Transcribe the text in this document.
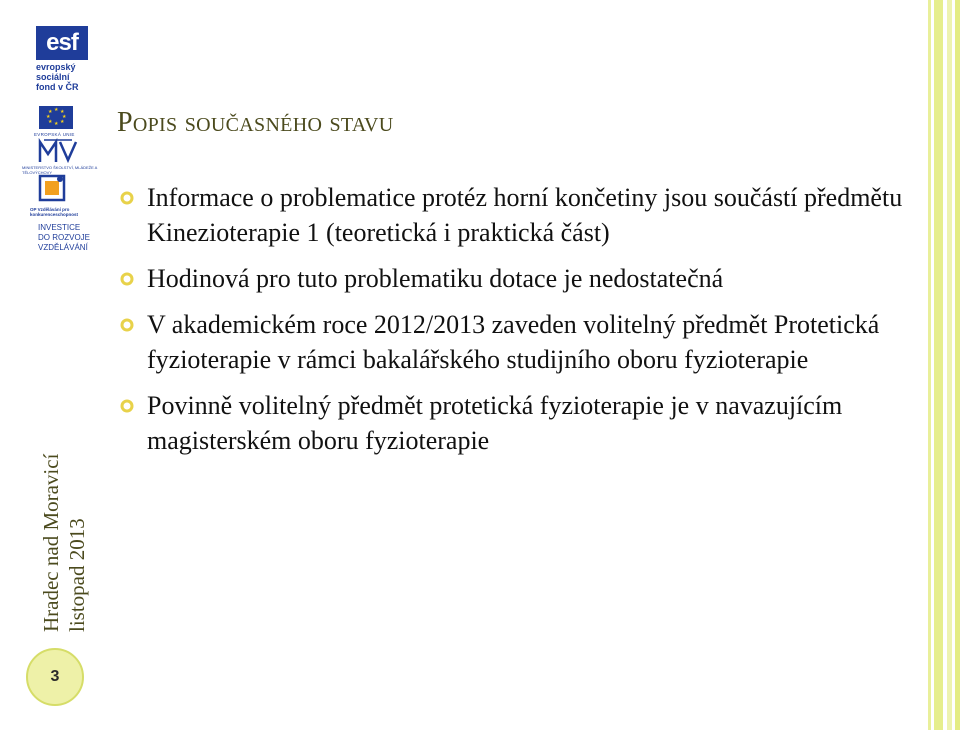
esf
evropský
sociální
fond v ČR
★ ★
★
★
★
★
★
★
EVROPSKÁ UNIE
MINISTERSTVO ŠKOLSTVÍ, MLÁDEŽE A TĚLOVÝCHOVY
OP Vzdělávání pro konkurenceschopnost
INVESTICE
DO ROZVOJE
VZDĚLÁVÁNÍ
Hradec nad Moravicí listopad 2013
3
Popis současného stavu
Informace o problematice protéz horní končetiny jsou součástí předmětu Kinezioterapie 1 (teoretická i praktická část)
Hodinová pro tuto problematiku dotace je nedostatečná
V akademickém roce 2012/2013 zaveden volitelný předmět Protetická fyzioterapie v rámci bakalářského studijního oboru fyzioterapie
Povinně volitelný předmět protetická fyzioterapie je v navazujícím magisterském oboru fyzioterapie
